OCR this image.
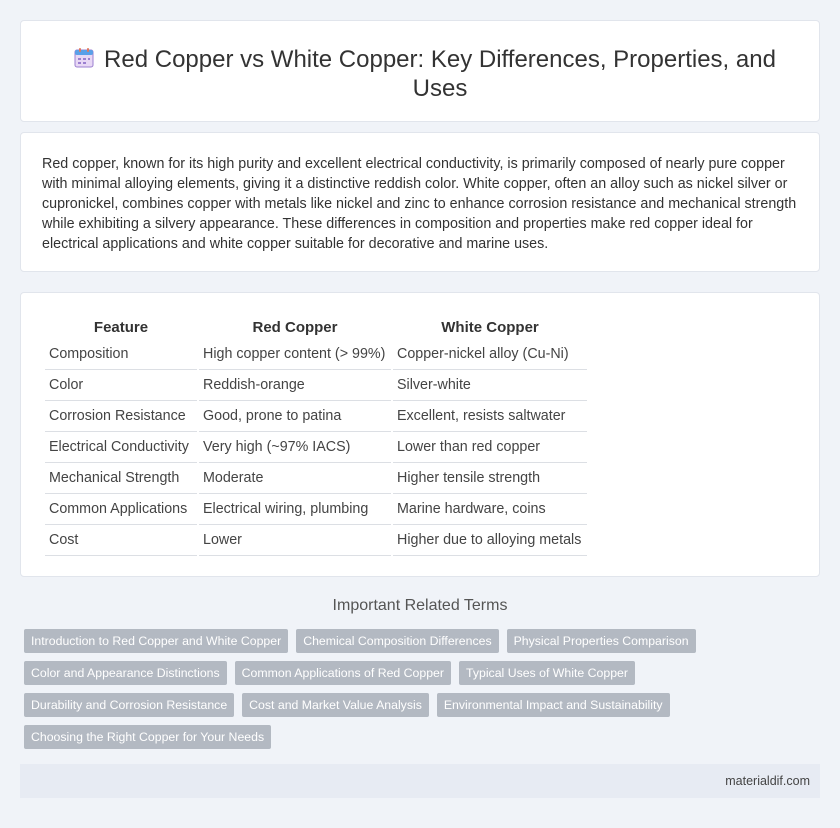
Red Copper vs White Copper: Key Differences, Properties, and Uses

Red copper, known for its high purity and excellent electrical conductivity, is primarily composed of nearly pure copper with minimal alloying elements, giving it a distinctive reddish color. White copper, often an alloy such as nickel silver or cupronickel, combines copper with metals like nickel and zinc to enhance corrosion resistance and mechanical strength while exhibiting a silvery appearance. These differences in composition and properties make red copper ideal for electrical applications and white copper suitable for decorative and marine uses.

Feature	Red Copper	White Copper
Composition	High copper content (> 99%)	Copper-nickel alloy (Cu-Ni)
Color	Reddish-orange	Silver-white
Corrosion Resistance	Good, prone to patina	Excellent, resists saltwater
Electrical Conductivity	Very high (~97% IACS)	Lower than red copper
Mechanical Strength	Moderate	Higher tensile strength
Common Applications	Electrical wiring, plumbing	Marine hardware, coins
Cost	Lower	Higher due to alloying metals
Important Related Terms
Introduction to Red Copper and White Copper	Chemical Composition Differences	Physical Properties Comparison
Color and Appearance Distinctions	Common Applications of Red Copper	Typical Uses of White Copper
Durability and Corrosion Resistance	Cost and Market Value Analysis	Environmental Impact and Sustainability
Choosing the Right Copper for Your Needs
materialdif.com
